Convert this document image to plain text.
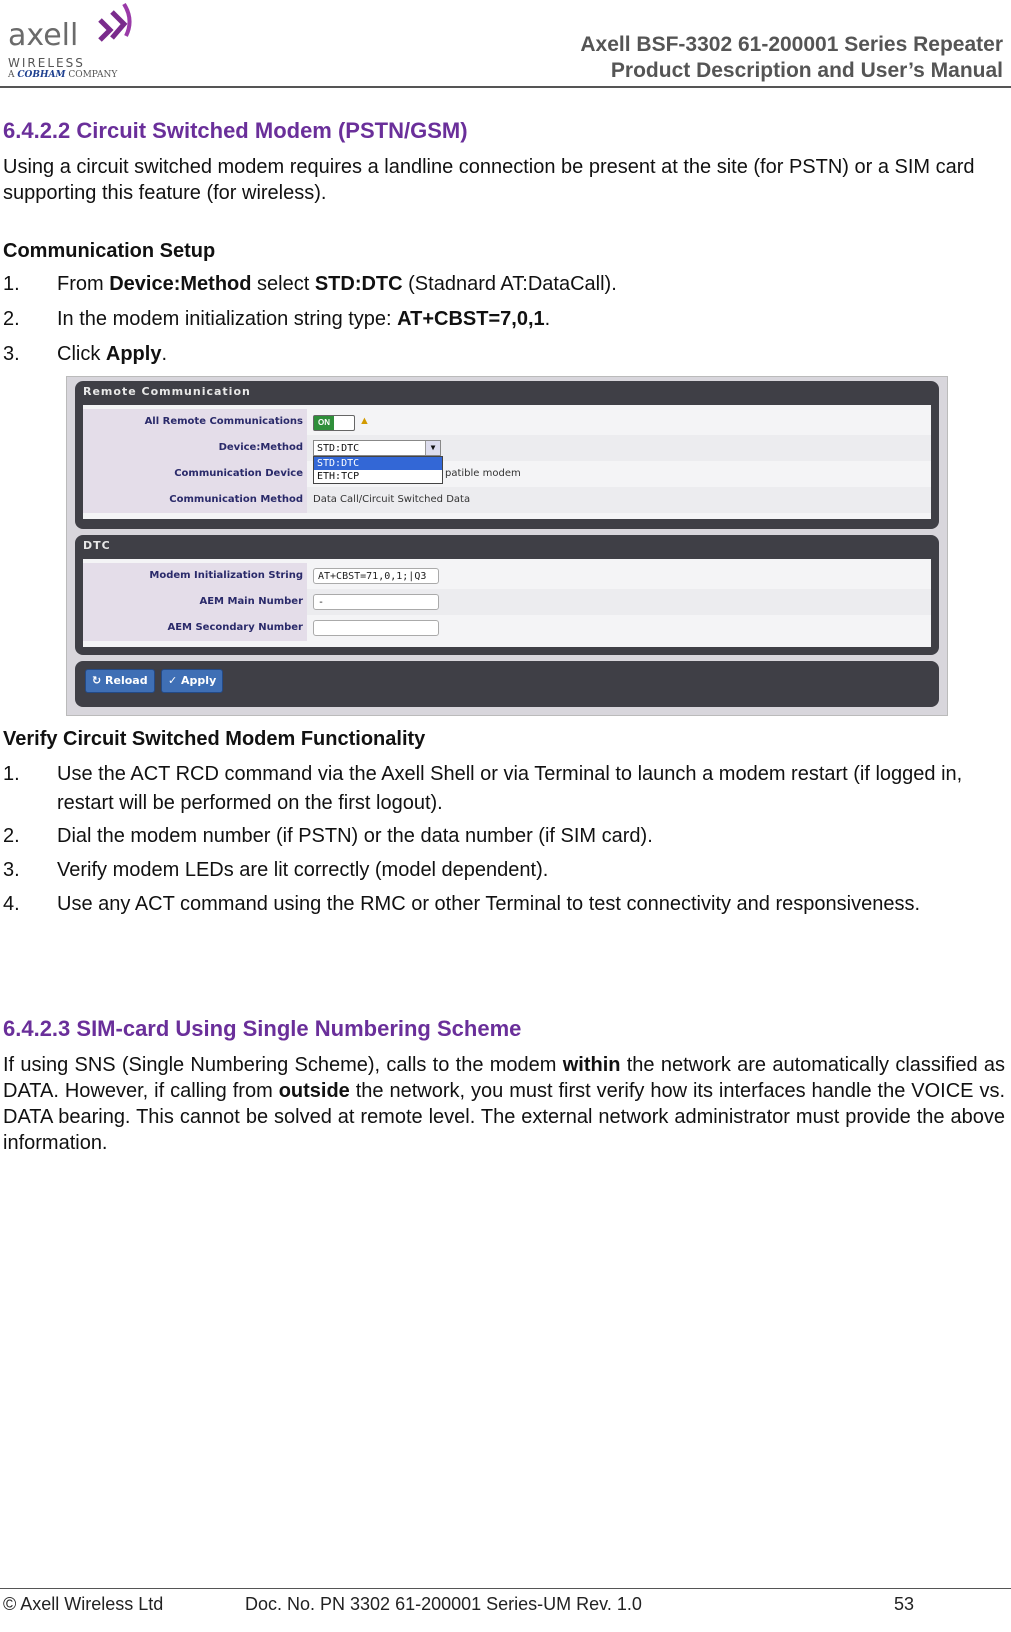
axell
WIRELESS
A COBHAM COMPANY
Axell BSF-3302 61-200001 Series Repeater
Product Description and User’s Manual
6.4.2.2 Circuit Switched Modem (PSTN/GSM)
Using a circuit switched modem requires a landline connection be present at the site (for PSTN) or a SIM card supporting this feature (for wireless).
Communication Setup
1. From Device:Method select STD:DTC (Stadnard AT:DataCall).
2. In the modem initialization string type: AT+CBST=7,0,1.
3. Click Apply.
Remote Communication
All Remote Communications	ON	▲
Device:Method	STD:DTC	▼
STD:DTC
ETH:TCP
Communication Device	patible modem
Communication Method	Data Call/Circuit Switched Data
DTC
Modem Initialization String	AT+CBST=71,0,1;|Q3
AEM Main Number	-
AEM Secondary Number
↻ Reload	✓ Apply
Verify Circuit Switched Modem Functionality
1. Use the ACT RCD command via the Axell Shell or via Terminal to launch a modem restart (if logged in, restart will be performed on the first logout).
2. Dial the modem number (if PSTN) or the data number (if SIM card).
3. Verify modem LEDs are lit correctly (model dependent).
4. Use any ACT command using the RMC or other Terminal to test connectivity and responsiveness.
6.4.2.3 SIM-card Using Single Numbering Scheme
If using SNS (Single Numbering Scheme), calls to the modem within the network are automatically classified as DATA. However, if calling from outside the network, you must first verify how its interfaces handle the VOICE vs. DATA bearing. This cannot be solved at remote level. The external network administrator must provide the above information.
© Axell Wireless Ltd	Doc. No. PN 3302 61-200001 Series-UM Rev. 1.0	53
